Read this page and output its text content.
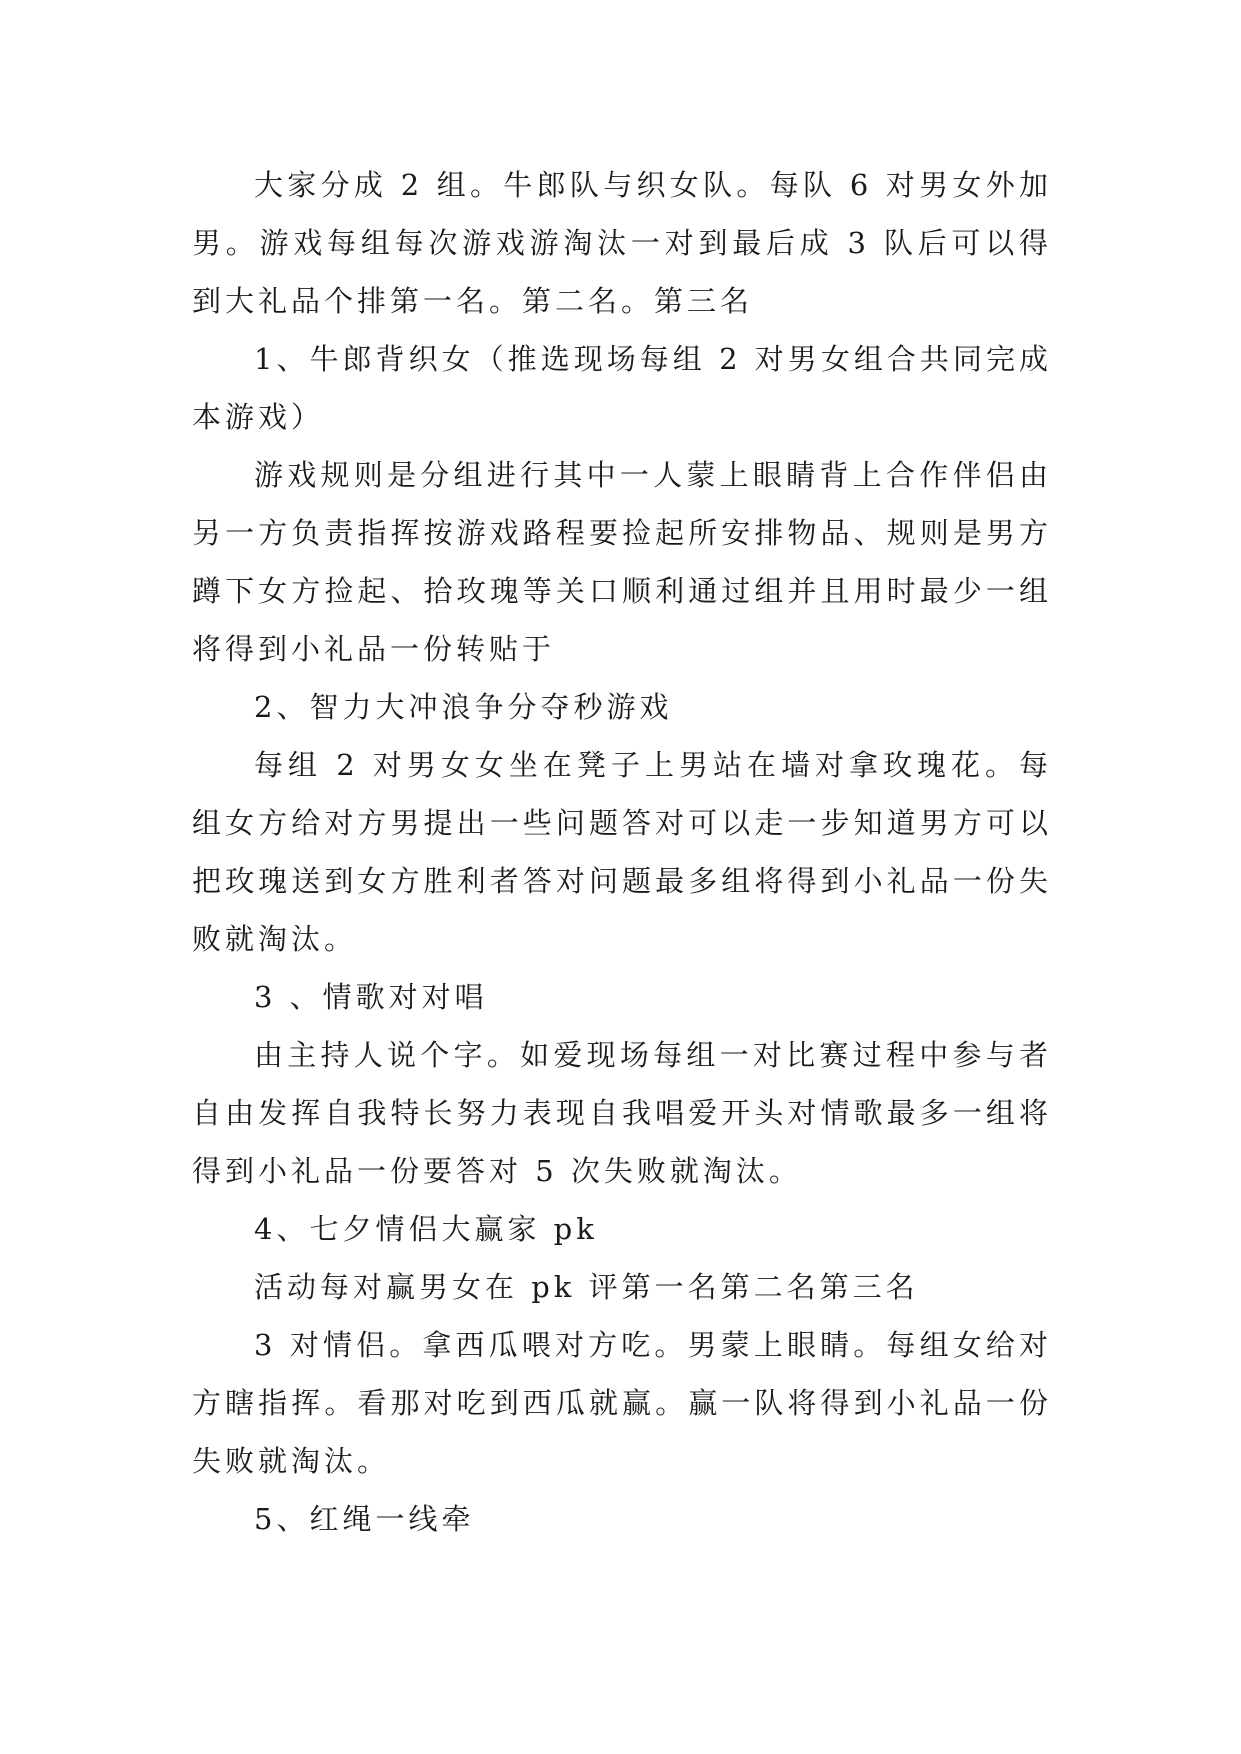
大家分成 2 组。牛郎队与织女队。每队 6 对男女外加男。游戏每组每次游戏游淘汰一对到最后成 3 队后可以得到大礼品个排第一名。第二名。第三名

1、牛郎背织女（推选现场每组 2 对男女组合共同完成本游戏）

游戏规则是分组进行其中一人蒙上眼睛背上合作伴侣由另一方负责指挥按游戏路程要捡起所安排物品、规则是男方蹲下女方捡起、拾玫瑰等关口顺利通过组并且用时最少一组将得到小礼品一份转贴于

2、智力大冲浪争分夺秒游戏

每组 2 对男女女坐在凳子上男站在墙对拿玫瑰花。每组女方给对方男提出一些问题答对可以走一步知道男方可以把玫瑰送到女方胜利者答对问题最多组将得到小礼品一份失败就淘汰。

3 、情歌对对唱

由主持人说个字。如爱现场每组一对比赛过程中参与者自由发挥自我特长努力表现自我唱爱开头对情歌最多一组将得到小礼品一份要答对 5 次失败就淘汰。

4、七夕情侣大赢家 pk

活动每对赢男女在 pk 评第一名第二名第三名

3 对情侣。拿西瓜喂对方吃。男蒙上眼睛。每组女给对方瞎指挥。看那对吃到西瓜就赢。赢一队将得到小礼品一份失败就淘汰。

5、红绳一线牵
